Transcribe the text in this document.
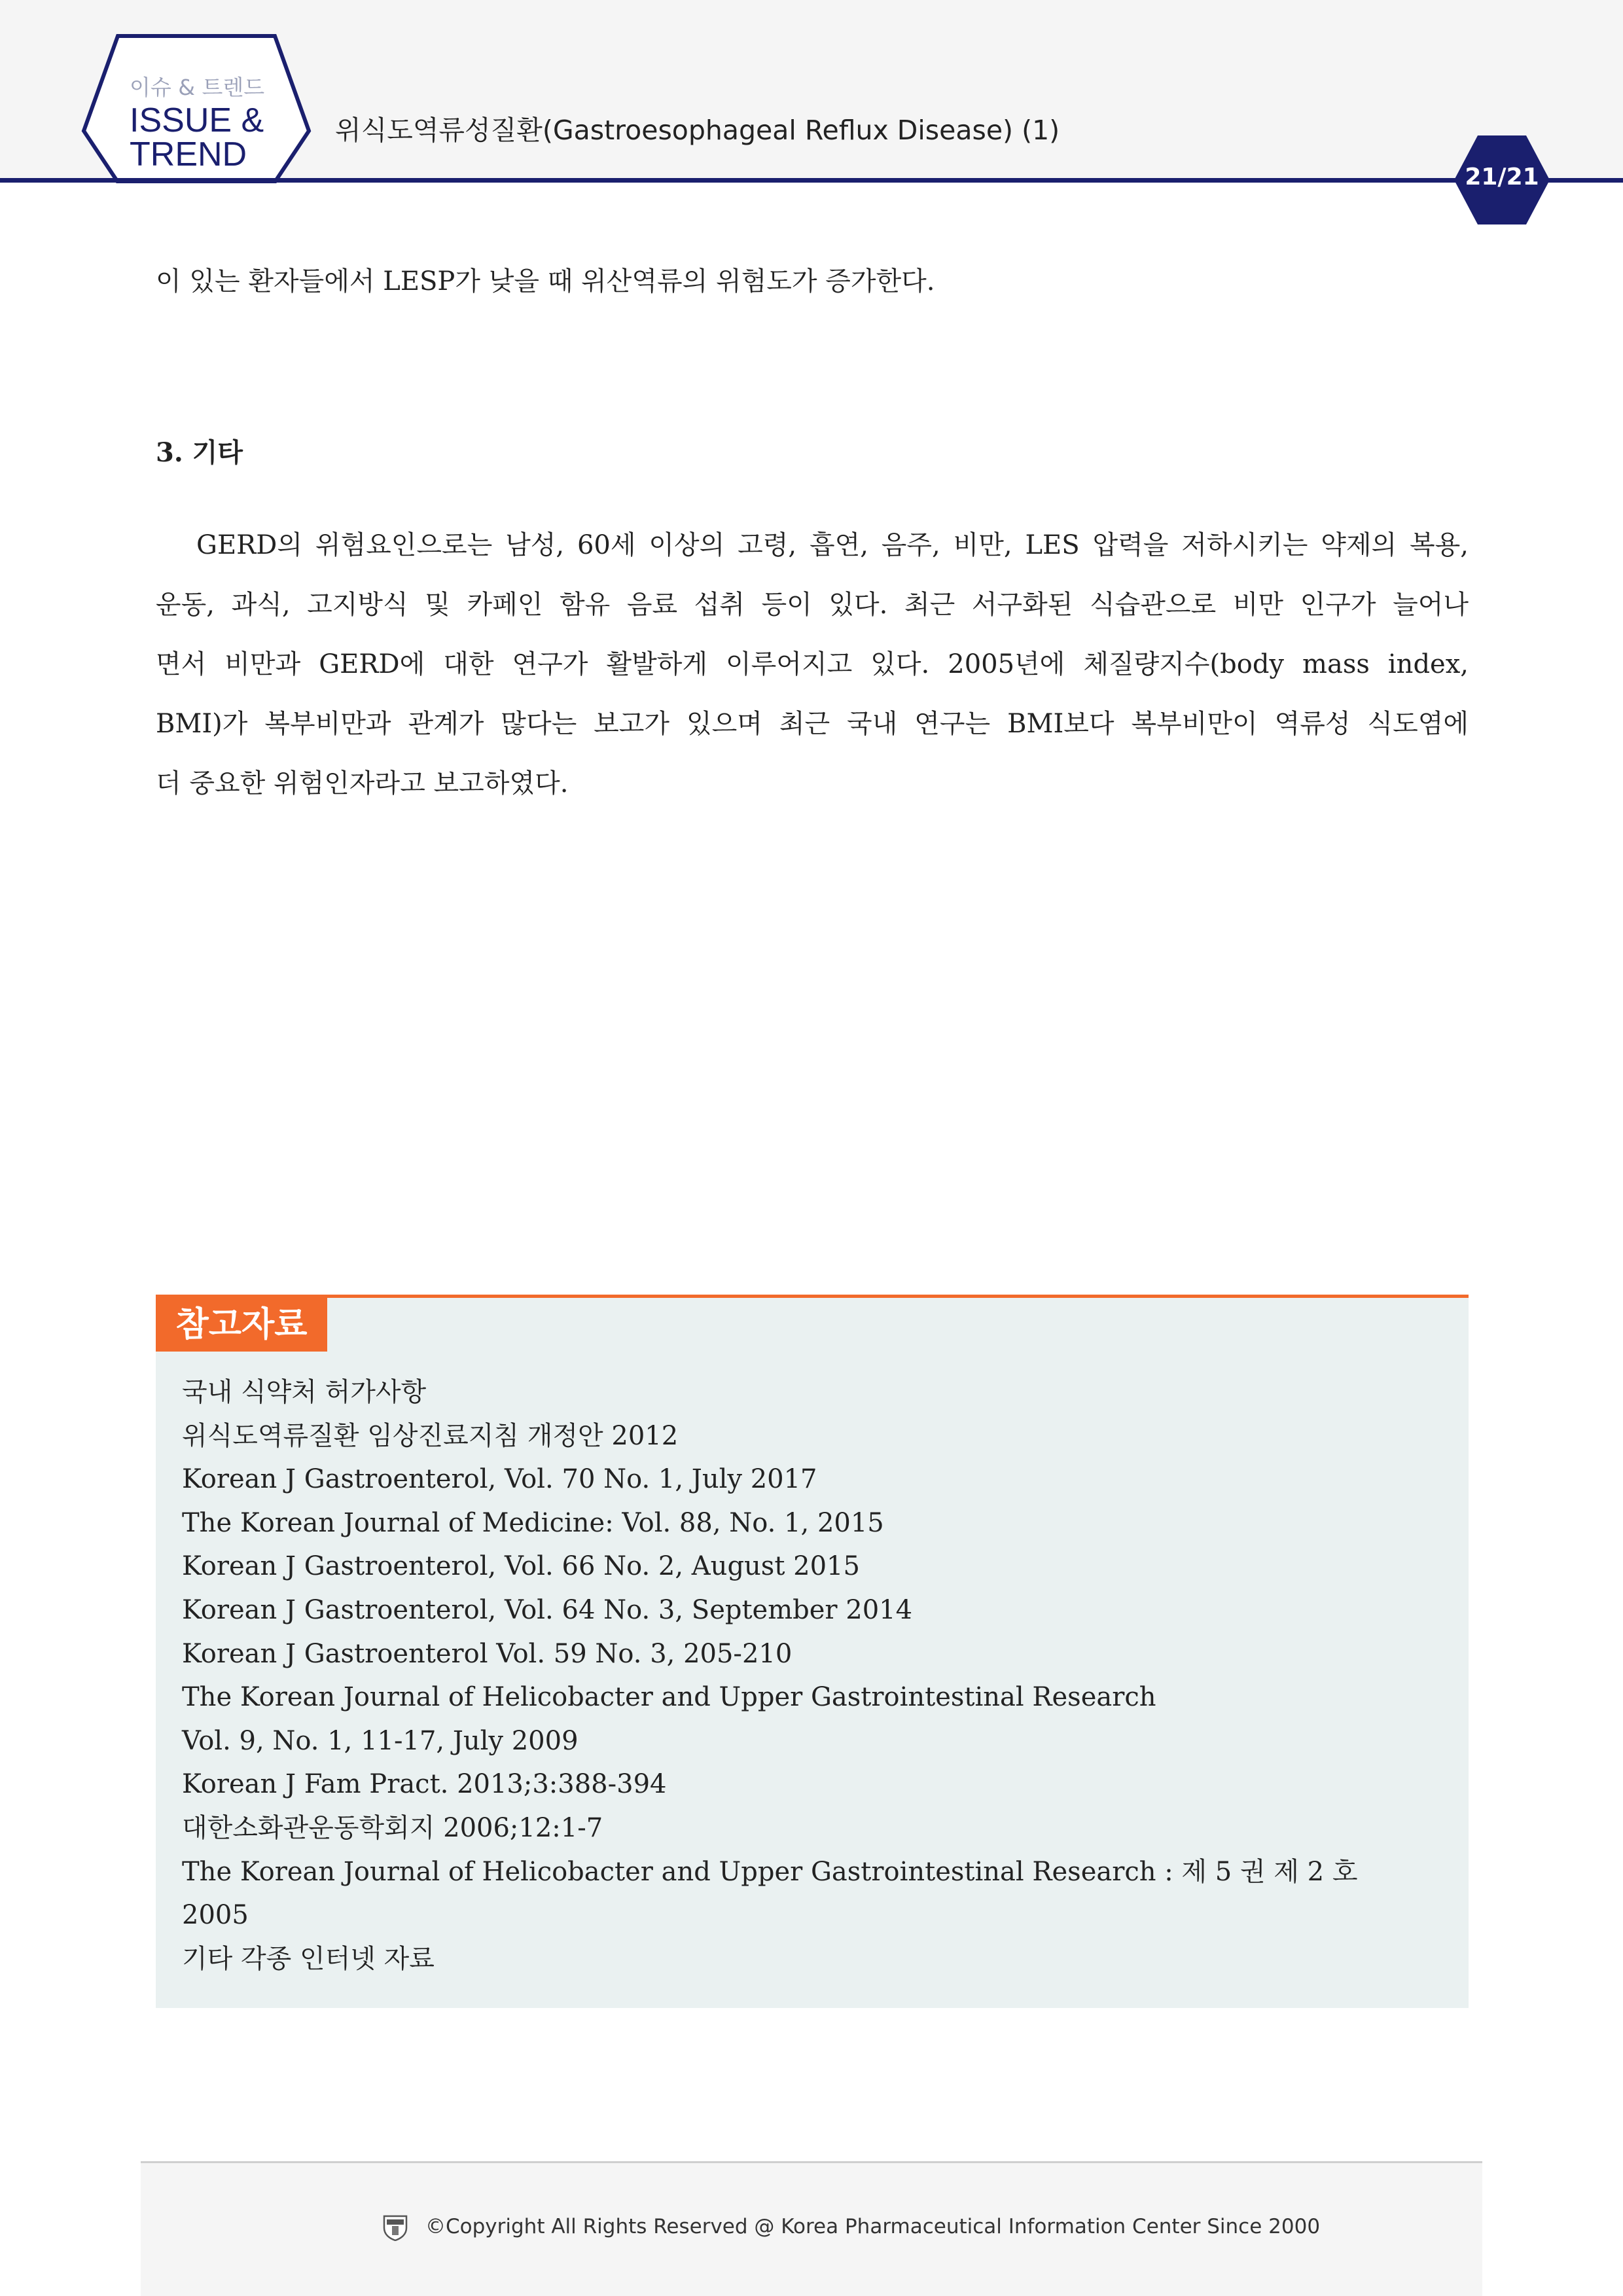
이슈 & 트렌드
ISSUE &
TREND
위식도역류성질환(Gastroesophageal Reflux Disease) (1)
21/21
이 있는 환자들에서 LESP가 낮을 때 위산역류의 위험도가 증가한다.
3. 기타
GERD의 위험요인으로는 남성, 60세 이상의 고령, 흡연, 음주, 비만, LES 압력을 저하시키는 약제의 복용,
운동, 과식, 고지방식 및 카페인 함유 음료 섭취 등이 있다. 최근 서구화된 식습관으로 비만 인구가 늘어나
면서 비만과 GERD에 대한 연구가 활발하게 이루어지고 있다. 2005년에 체질량지수(body mass index,
BMI)가 복부비만과 관계가 많다는 보고가 있으며 최근 국내 연구는 BMI보다 복부비만이 역류성 식도염에
더 중요한 위험인자라고 보고하였다.
참고자료
국내 식약처 허가사항
위식도역류질환 임상진료지침 개정안 2012
Korean J Gastroenterol, Vol. 70 No. 1, July 2017
The Korean Journal of Medicine: Vol. 88, No. 1, 2015
Korean J Gastroenterol, Vol. 66 No. 2, August 2015
Korean J Gastroenterol, Vol. 64 No. 3, September 2014
Korean J Gastroenterol Vol. 59 No. 3, 205-210
The Korean Journal of Helicobacter and Upper Gastrointestinal Research
Vol. 9, No. 1, 11-17, July 2009
Korean J Fam Pract. 2013;3:388-394
대한소화관운동학회지 2006;12:1-7
The Korean Journal of Helicobacter and Upper Gastrointestinal Research : 제 5 권 제 2 호
2005
기타 각종 인터넷 자료
©Copyright All Rights Reserved @ Korea Pharmaceutical Information Center Since 2000
